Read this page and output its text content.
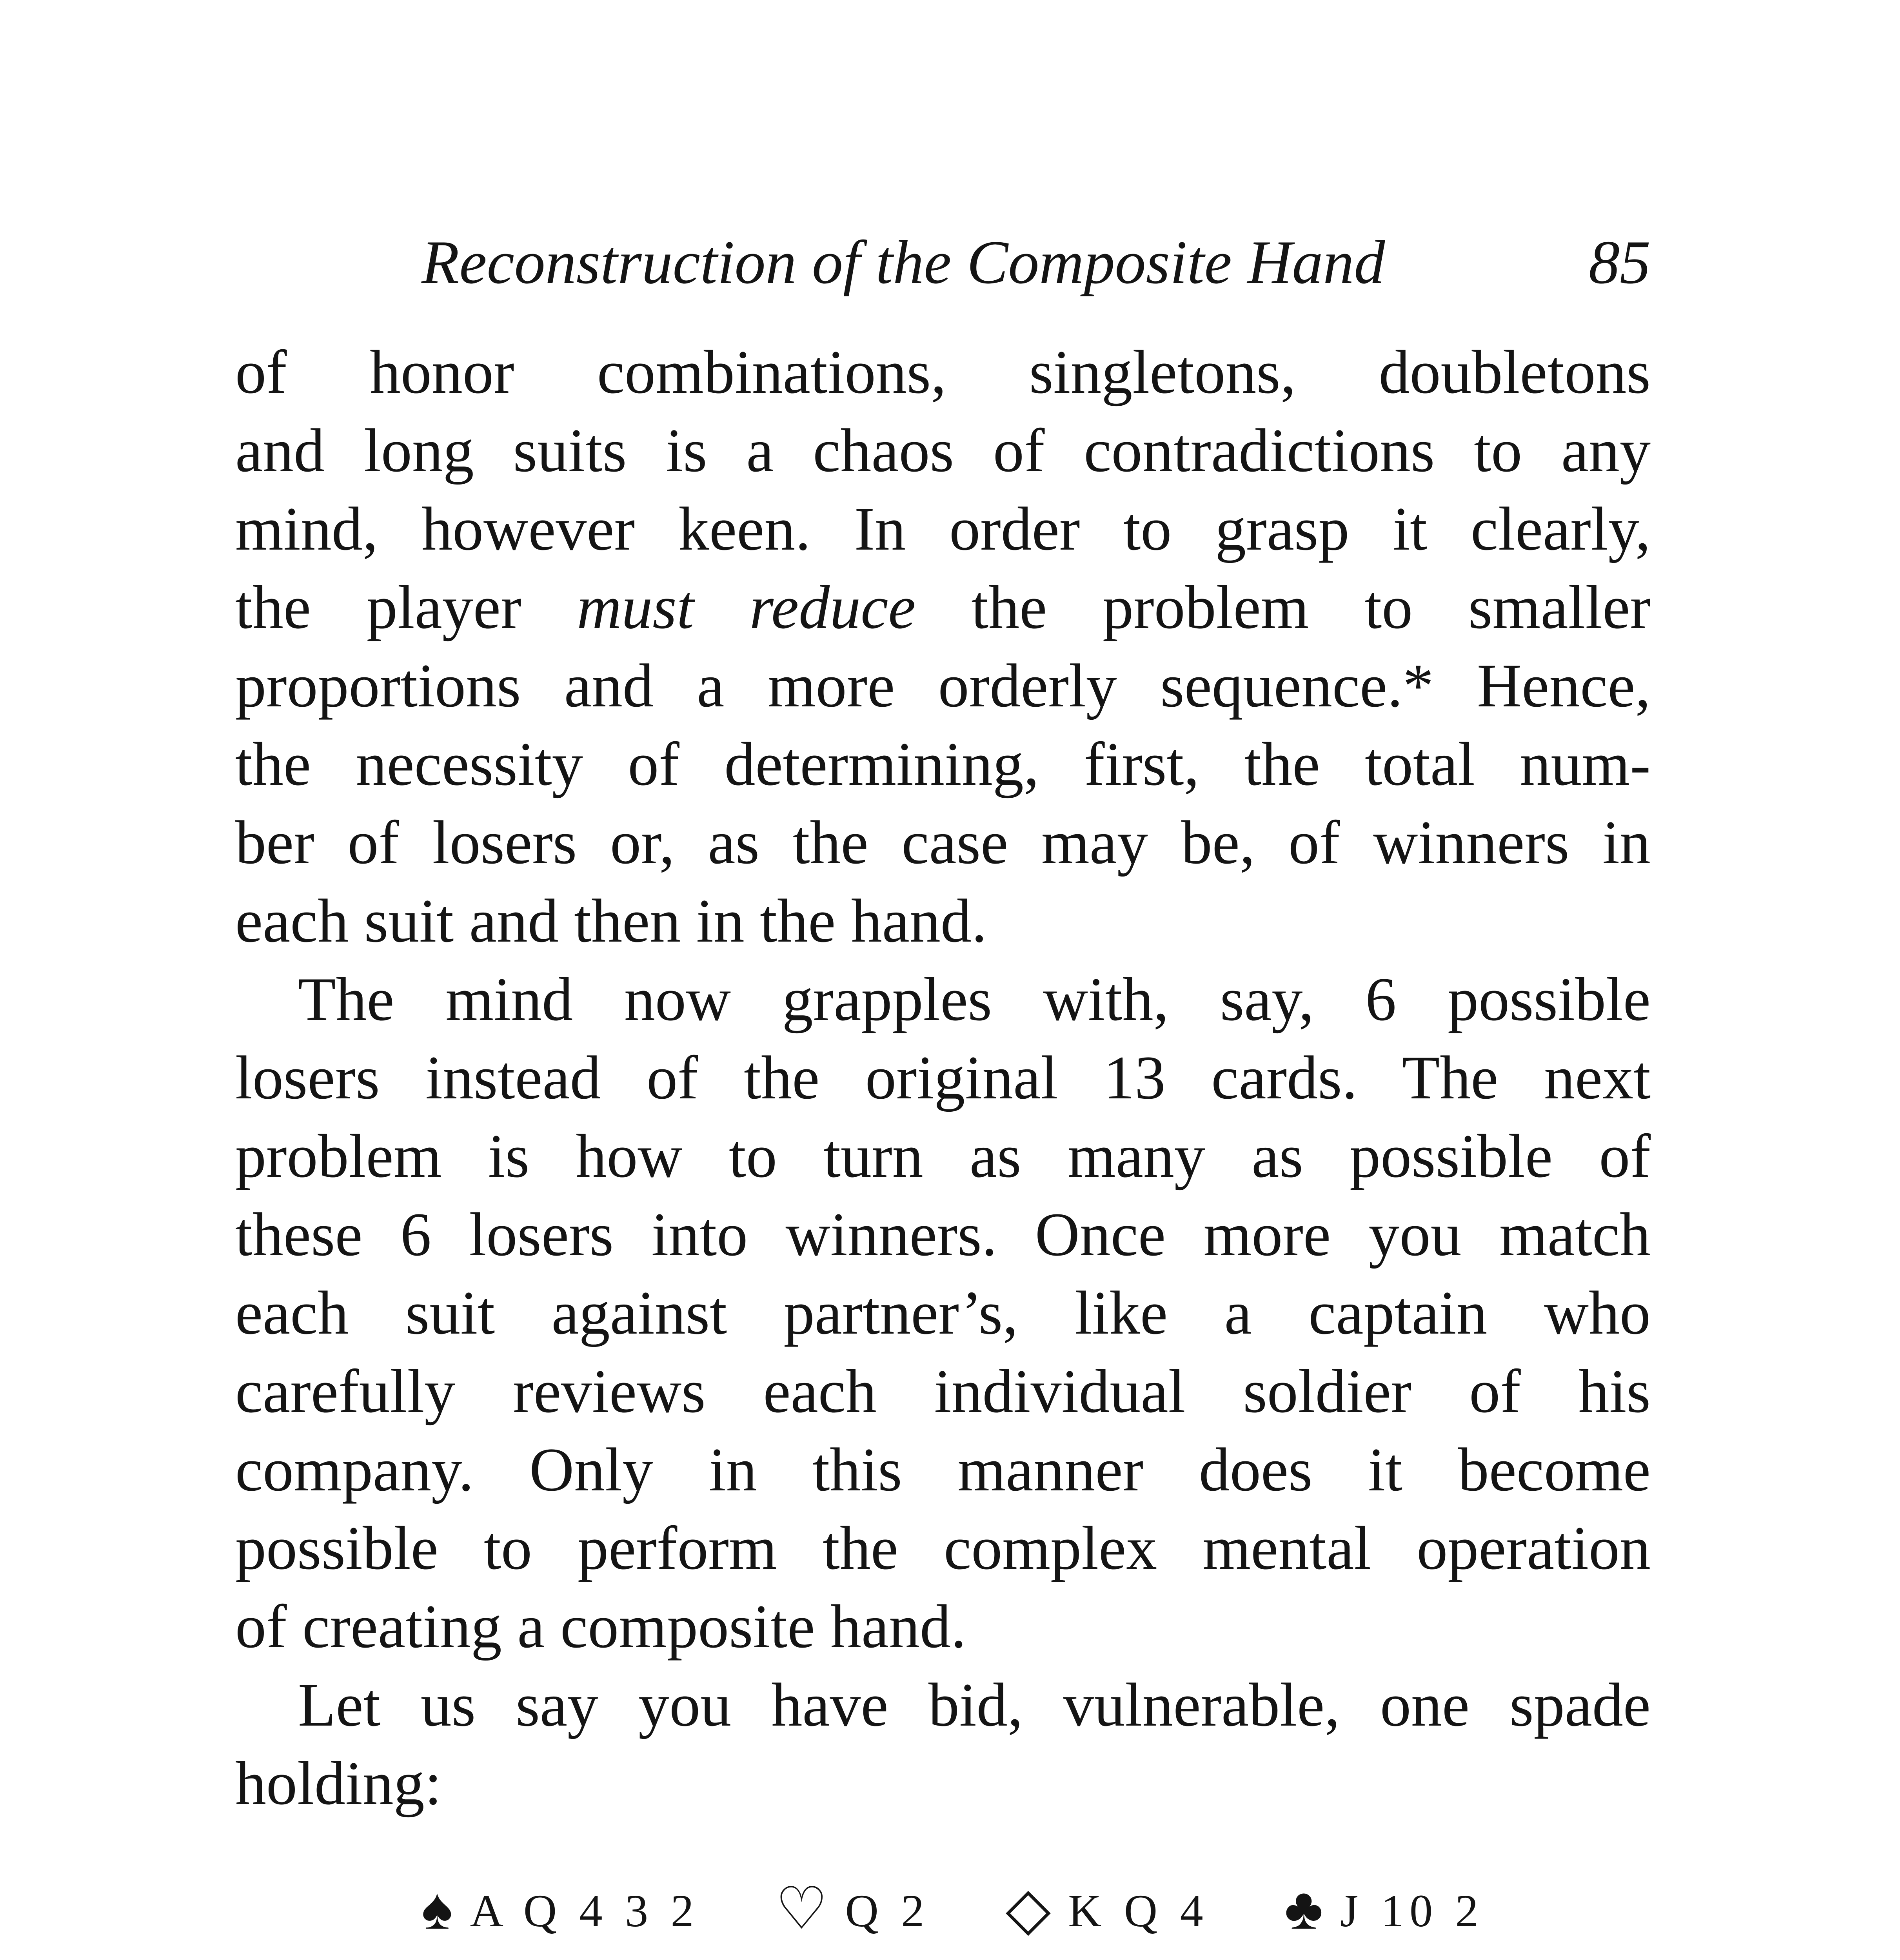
Reconstruction of the Composite Hand	85
of honor combinations, singletons, doubletons
and long suits is a chaos of contradictions to any
mind, however keen. In order to grasp it clearly,
the player must reduce the problem to smaller
proportions and a more orderly sequence.* Hence,
the necessity of determining, first, the total num-
ber of losers or, as the case may be, of winners in
each suit and then in the hand.
The mind now grapples with, say, 6 possible
losers instead of the original 13 cards. The next
problem is how to turn as many as possible of
these 6 losers into winners. Once more you match
each suit against partner’s, like a captain who
carefully reviews each individual soldier of his
company. Only in this manner does it become
possible to perform the complex mental operation
of creating a composite hand.
Let us say you have bid, vulnerable, one spade
holding:
♠ A Q 4 3 2 ♡ Q 2 ◇ K Q 4 ♣ J 10 2
